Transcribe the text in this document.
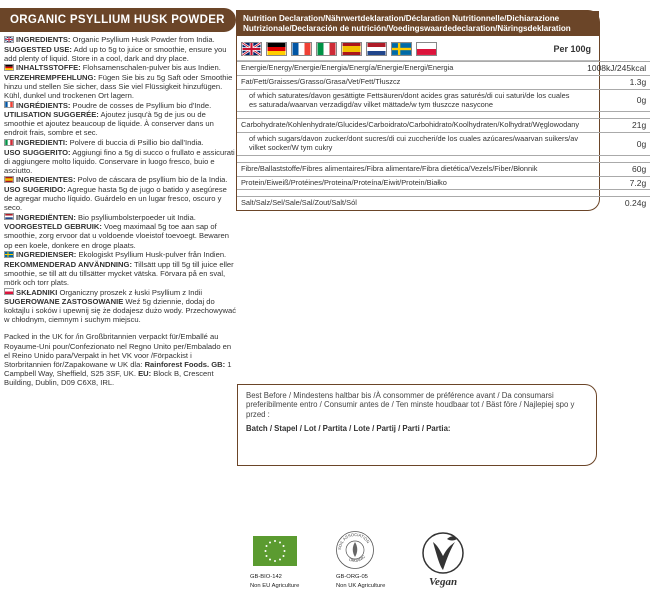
ORGANIC PSYLLIUM HUSK POWDER

INGREDIENTS: Organic Psyllium Husk Powder from India.

SUGGESTED USE: Add up to 5g to juice or smoothie, ensure you add plenty of liquid. Store in a cool, dark and dry place.

INHALTSSTOFFE: Flohsamenschalen-pulver bis aus Indien.

VERZEHREMPFEHLUNG: Fügen Sie bis zu 5g Saft oder Smoothie hinzu und stellen Sie sicher, dass Sie viel Flüssigkeit hinzufügen. Kühl, dunkel und trockenen Ort lagern.

INGRÉDIENTS: Poudre de cosses de Psyllium bio d'Inde.

UTILISATION SUGGERÉE: Ajoutez jusqu'à 5g de jus ou de smoothie et ajoutez beaucoup de liquide. À conserver dans un endroit frais, sombre et sec.

INGREDIENTI: Polvere di buccia di Psillio bio dall'India.

USO SUGGERITO: Aggiungi fino a 5g di succo o frullato e assicurati di aggiungere molto liquido. Conservare in luogo fresco, buio e asciutto.

INGREDIENTES: Polvo de cáscara de psyllium bio de la India.

USO SUGERIDO: Agregue hasta 5g de jugo o batido y asegúrese de agregar mucho líquido. Guárdelo en un lugar fresco, oscuro y seco.

INGREDIËNTEN: Bio psylliumbolsterpoeder uit India.

VOORGESTELD GEBRUIK: Voeg maximaal 5g toe aan sap of smoothie, zorg ervoor dat u voldoende vloeistof toevoegt. Bewaren op een koele, donkere en droge plaats.

INGREDIENSER: Ekologiskt Psyllium Husk-pulver från Indien.

REKOMMENDERAD ANVÄNDNING: Tillsätt upp till 5g till juice eller smoothie, se till att du tillsätter mycket vätska. Förvara på en sval, mörk och torr plats.

SKŁADNIKI Organiczny proszek z łuski Psyllium z Indii

SUGEROWANE ZASTOSOWANIE Weź 5g dziennie, dodaj do koktajlu i soków i upewnij się że dodajesz dużo wody. Przechowywać w chłodnym, ciemnym i suchym miejscu.

Packed in the UK for /in Großbritannien verpackt für/Emballé au Royaume-Uni pour/Confezionato nel Regno Unito per/Embalado en el Reino Unido para/Verpakt in het VK voor /Förpackist i Storbritannien för/Zapakowane w UK dla: Rainforest Foods. GB: 1 Campbell Way, Sheffield, S25 3SF, UK. EU: Block B, Crescent Building, Dublin, D09 C6X8, IRL.
Nutrition Declaration/Nährwertdeklaration/Déclaration Nutritionnelle/Dichiarazione Nutrizionale/Declaración de nutrición/Voedingswaardedeclaration/Näringsdeklaration
Per 100g
Energie/Energy/Energie/Energia/Energía/Energie/Energi/Energia	1008kJ/245kcal
Fat/Fett/Graisses/Grasso/Grasa/Vet/Fett/Tłuszcz	1.3g
of which saturates/davon gesättigte Fettsäuren/dont acides gras saturés/di cui saturi/de los cuales es saturada/waarvan verzadigd/av vilket mättade/w tym tłuszcze nasycone	0g

Carbohydrate/Kohlenhydrate/Glucides/Carboidrato/Carbohidrato/Koolhydraten/Kolhydrat/Węglowodany	21g
of which sugars/davon zucker/dont sucres/di cui zuccheri/de los cuales azúcares/waarvan suikers/av vilket socker/W tym cukry	0g

Fibre/Ballaststoffe/Fibres alimentaires/Fibra alimentare/Fibra dietética/Vezels/Fiber/Błonnik	60g
Protein/Eiweiß/Protéines/Proteina/Proteína/Eiwit/Protein/Białko	7.2g

Salt/Salz/Sel/Sale/Sal/Zout/Salt/Sól	0.24g
Best Before / Mindestens haltbar bis /À consommer de préférence avant / Da consumarsi preferibilmente entro / Consumir antes de / Ten minste houdbaar tot / Bäst före / Najlepiej spo y przed :
Batch / Stapel / Lot / Partita / Lote / Partij / Parti / Partia:
GB-BIO-142
Non EU Agriculture
SOIL ASSOCIATION
ORGANIC
GB-ORG-05
Non UK Agriculture	Vegan
